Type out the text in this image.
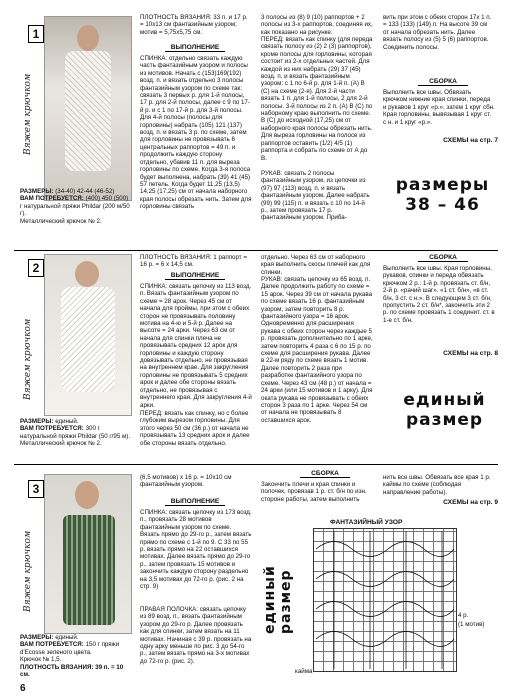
1
Вяжем крючком
РАЗМЕРЫ: (34-40) 42-44 (46-52)
ВАМ ПОТРЕБУЕТСЯ: (400) 450 (500) г натуральной пряжи Phildar (200 м/50 г).
Металлический крючок № 2.
ПЛОТНОСТЬ ВЯЗАНИЯ: 33 п. и 17 р. = 10х13 см фантазийным узором; мотив = 5,75х5,75 см.
ВЫПОЛНЕНИЕ
СПИНКА: отдельно связать каждую часть фантазийным узором и полосы из мотивов. Начать с (153)169(192) возд. п. и вязать отдельно 3 полосы фантазийным узором по схеме так: связать 3 первых р. для 1-й полосы, 17 р. для 2-й полосы, далее с 9 по 17-й р. и с 1 по 17-й р. для 3-й полосы. Для 4-й полосы (полосы для горловины) набрать (105) 121 (137) возд. п. и вязать 3 р. по схеме, затем для горловины не провязывать 6 центральных раппортов = 49 п. и продолжить каждую сторону отдельно, убавив 11 п. для выреза горловины по схеме. Когда 3-я полоса будет выполнена, набрать (39) 41 (45) 57 петель. Когда будет 11,25 (13,5) 14,25 (17,25) см от начала наборного края полосы обрезать нить. Затем для горловины связать
3 полосы из (8) 9 (10) раппортов + 2 полосы из 3-х раппортов, соединяя их, как показано на рисунке.
ПЕРЕД: вязать как спинку (для переда связать полосу из (2) 2 (3) раппортов), кроме полосы для горловины, которая состоит из 2-х отдельных частей. Для каждой из них набрать (29) 37 (45) возд. п. и вязать фантазийным узором: с 1 по 6-й р. для 1-й п. (А) В (С) на схеме (2-я). Для 2-й части вязать 1 п. для 1-й полосы, 2 для 2-й полосы. 3-й полосы из 2 п. (А) В (С) по наборному краю выполнить по схеме. В (С) до исходной (17,25) см от наборного края полосы обрезать нить. Для выреза горловины на полосе из раппортов оставить (1/2) 4/5 (1) раппорта и собрать по схеме от А до В.
РУКАВ: связать 2 полосы фантазийным узором, из цепочки из (97) 97 (113) возд. п. и вязать фантазийным узором. Далее набрать (99) 99 (115) п. и вязать с 10 по 14-й р., затем провязать 17 р. фантазийным узором. Приба-
вить при этом с обеих сторон 17х 1 п. = 133 (133) (149) п. На высоте 39 см от начала обрезать нить. Далее вязать полосу из (5) 5 (6) раппортов. Соединить полосы.
СБОРКА
Выполнить все швы. Обвязать крючком нижние края спинки, переда и рукавов 1 круг «р.», затем 1 круг сбн. Края горловины, вывязывая 1 круг ст. с н. и 1 круг «р.».
СХЕМЫ на стр. 7
размеры 38 – 46
2
Вяжем крючком
РАЗМЕРЫ: единый.
ВАМ ПОТРЕБУЕТСЯ: 300 г натуральной пряжи Phildar (50 г/95 м).
Металлический крючок № 2.
ПЛОТНОСТЬ ВЯЗАНИЯ: 1 раппорт = 16 р. = 6 х 14,5 см.
ВЫПОЛНЕНИЕ
СПИНКА: связать цепочку из 113 возд. п. Вязать фантазийным узором по схеме = 28 арок. Через 45 см от начала для проймы, при этом с обеих сторон не провязывать половину мотива на 4-ю и 5-й р. Далее на высоте = 24 арки. Через 63 см от начала для спинки плеча не провязывать средних 12 арок для горловины и каждую сторону довязывать отдельно, не провязывая на внутреннем крае. Для закругления горловины не провязывать 5 средних арок и далее обе стороны вязать отдельно, не провязывая с внутреннего края. Для закругления 4-й арки.
ПЕРЕД: вязать как спинку, но с более глубоким вырезом горловины. Для этого через 50 см (36 р.) от начала не провязывать 13 средних арок и далее обе стороны вязать отдельно.
отдельно. Через 63 см от наборного края выполнить скосы плечей как для спинки.
РУКАВ: связать цепочку из 65 возд. п. Далее продолжить работу по схеме = 15 арок. Через 39 см от начала рукава по схеме вязать 16 р. фантазийным узором, затем повторить 8 р. фантазийного узора = 16 арок. Одновременно для расширения рукава с обеих сторон через каждые 5 р. провязать дополнительно по 1 арке, затем повторить 4 раза с 6 по 15 р. по схеме для расширения рукава. Далее в 22-м ряду по схеме вязать 1 мотив. Далее повторить 2 раза при разработке фантазийного узора по схеме. Через 43 см (48 р.) от начала = 24 арки (или 15 мотивов и 1 арку). Для оката рукава не провязывать с обеих сторон 3 раза по 1 арке. Через 54 см от начала не провязывать 8 оставшихся арок.
СБОРКА
Выполнить все швы. Края горловины, рукавов, спинки и переда обвязать крючком 2 р.: 1-й р. провязать ст. б/н, 2-й р. «рачий шаг». «1 ст. б/н», «в ст. б/н, 3 ст. с н.». В следующем 3 ст. б/н, пропустить 2 ст. б/н*, закончить эти 2 р. по схеме провязать 1 соединит. ст. в 1-е ст. б/н.
СХЕМЫ на стр. 8
единый размер
3
Вяжем крючком
РАЗМЕРЫ: единый.
ВАМ ПОТРЕБУЕТСЯ: 150 г пряжи d'Ecosse зеленого цвета.
Крючок № 1,5.
ПЛОТНОСТЬ ВЯЗАНИЯ: 39 п. = 10 см.
(6,5 мотивов) х 16 р. = 10х10 см фантазийным узором.
ВЫПОЛНЕНИЕ
СПИНКА: связать цепочку из 173 возд. п., провязать 28 мотивов фантазийным узором по схеме. Вязать прямо до 29-го р., затем вязать прямо по схеме с 1-й по 9. С 33 по 55 р. вязать прямо на 22 оставшихся мотивах. Далее вязать прямо до 29-го р., затем провязать 15 мотивов и закончить каждую сторону раздельно на 3,5 мотивах до 72-го р. (рис. 2 на стр. 9)
ПРАВАЯ ПОЛОЧКА: связать цепочку из 89 возд. п., вязать фантазийным узором до 29-го р. Далее провязать как для спинки, затем вязать на 11 мотивах. Начиная с 39 р. провязать на одну арку меньше по рис. 3 до 54-го р., затем вязать прямо на 3-х мотивах до 72-го р. (рис. 2).
СБОРКА
Закончить плечи и края спинки и полочек, провязав 1 р. ст. б/н по изн. стороне работы, затем выполнить
нить все швы. Обвязать все края 1 р. каймы по схеме (соблюдая направление работы).
СХЕМЫ на стр. 9
единый размер
ФАНТАЗИЙНЫЙ УЗОР
4 р.
(1 мотив)
кайма
6
